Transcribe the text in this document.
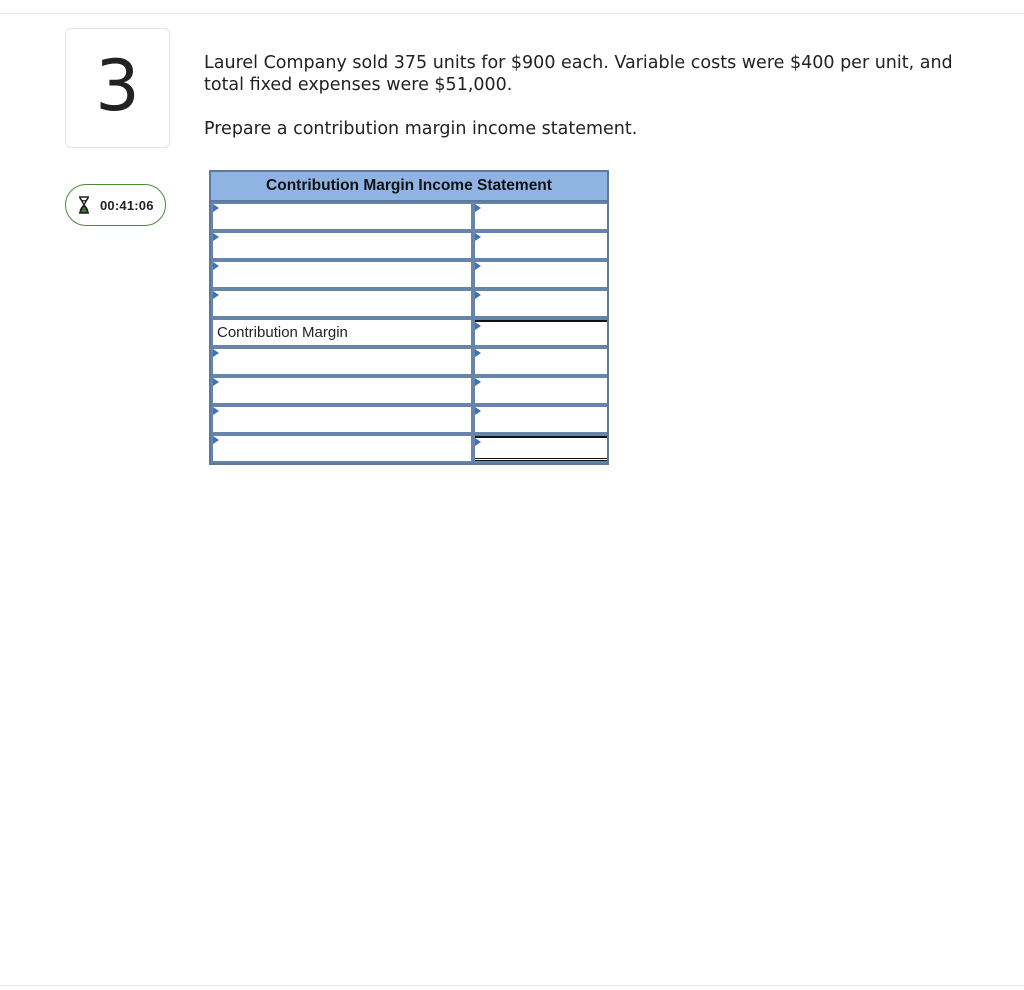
3
00:41:06

Laurel Company sold 375 units for $900 each. Variable costs were $400 per unit, and total fixed expenses were $51,000.

Prepare a contribution margin income statement.

Contribution Margin Income Statement
Contribution Margin
